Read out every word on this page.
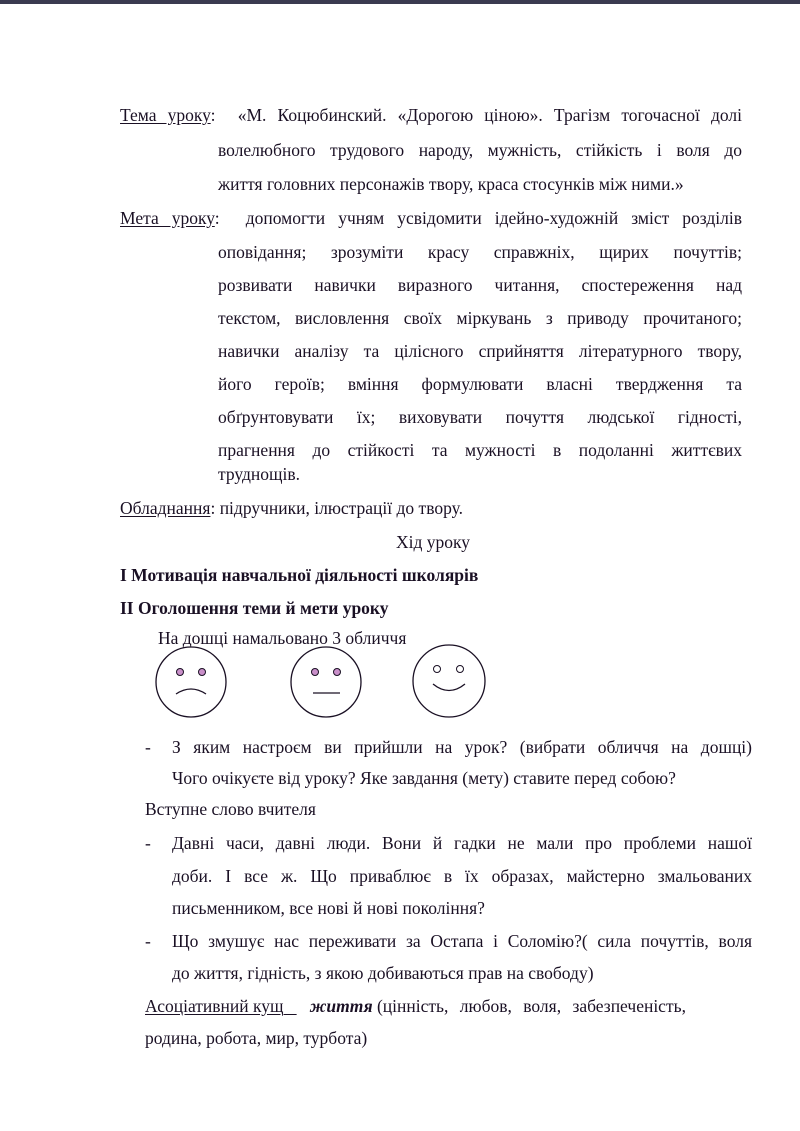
Тема уроку:  «М. Коцюбинский. «Дорогою ціною». Трагізм тогочасної долі
волелюбного трудового народу, мужність, стійкість і воля до
життя головних персонажів твору, краса стосунків між ними.»
Мета уроку:  допомогти учням усвідомити ідейно-художній зміст розділів
оповідання; зрозуміти красу справжніх, щирих почуттів;
розвивати навички виразного читання, спостереження над
текстом, висловлення своїх міркувань з приводу прочитаного;
навички аналізу та цілісного сприйняття літературного твору,
його героїв; вміння формулювати власні твердження та
обґрунтовувати їх; виховувати почуття людської гідності,
прагнення до стійкості та мужності в подоланні життєвих
труднощів.
Обладнання: підручники, ілюстрації до твору.
Хід уроку
І Мотивація навчальної діяльності школярів
ІІ Оголошення теми й мети уроку
На дошці намальовано 3 обличчя
- З яким настроєм ви прийшли на урок? (вибрати обличчя на дошці)
Чого очікуєте від уроку? Яке завдання (мету) ставите перед собою?
Вступне слово вчителя
- Давні часи, давні люди. Вони й гадки не мали про проблеми нашої
доби. І все ж. Що приваблює в їх образах, майстерно змальованих
письменником, все нові й нові покоління?
- Що змушує нас переживати за Остапа і Соломію?( сила почуттів, воля
до життя, гідність, з якою добиваються прав на свободу)
Асоціативний кущ життя (цінність, любов, воля, забезпеченість,
родина, робота, мир, турбота)
